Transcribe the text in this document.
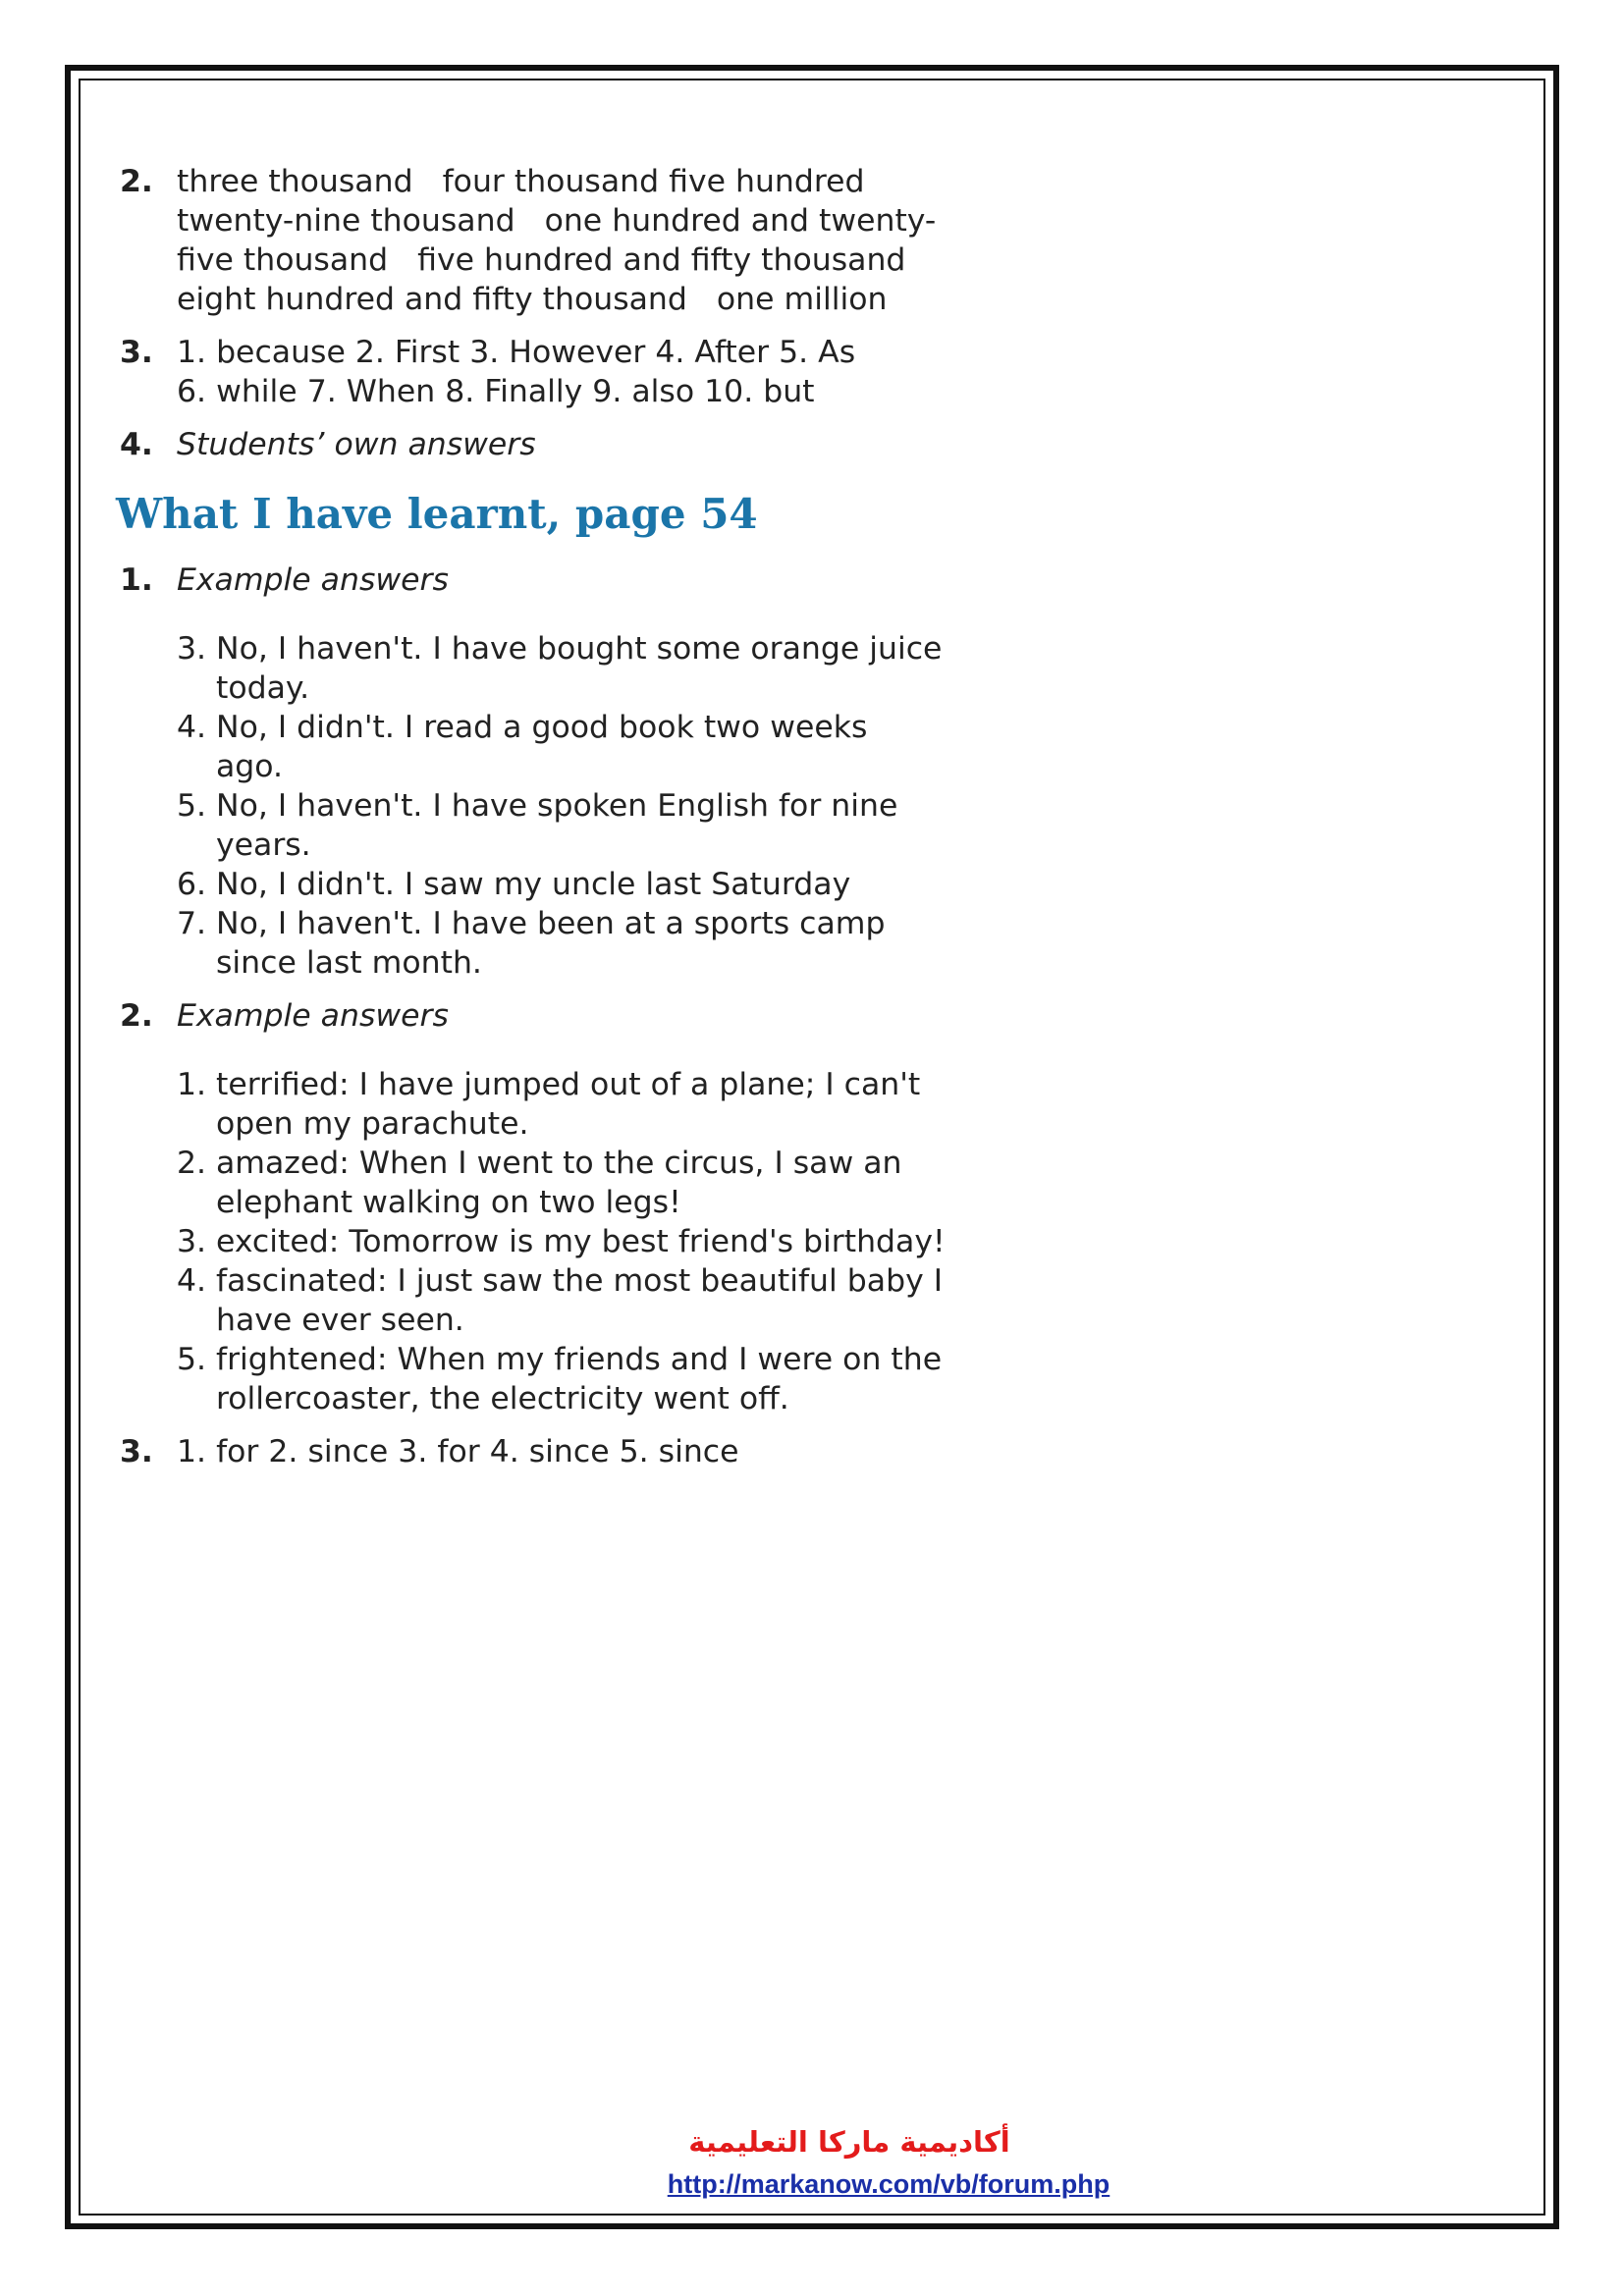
2. three thousand four thousand five hundred
twenty-nine thousand one hundred and twenty-
five thousand five hundred and fifty thousand
eight hundred and fifty thousand one million
3. 1. because 2. First 3. However 4. After 5. As
6. while 7. When 8. Finally 9. also 10. but
4. Students’ own answers
What I have learnt, page 54
1. Example answers
3. No, I haven't. I have bought some orange juice
today.
4. No, I didn't. I read a good book two weeks
ago.
5. No, I haven't. I have spoken English for nine
years.
6. No, I didn't. I saw my uncle last Saturday
7. No, I haven't. I have been at a sports camp
since last month.
2. Example answers
1. terrified: I have jumped out of a plane; I can't
open my parachute.
2. amazed: When I went to the circus, I saw an
elephant walking on two legs!
3. excited: Tomorrow is my best friend's birthday!
4. fascinated: I just saw the most beautiful baby I
have ever seen.
5. frightened: When my friends and I were on the
rollercoaster, the electricity went off.
3. 1. for 2. since 3. for 4. since 5. since
أكاديمية ماركا التعليمية
http://markanow.com/vb/forum.php
